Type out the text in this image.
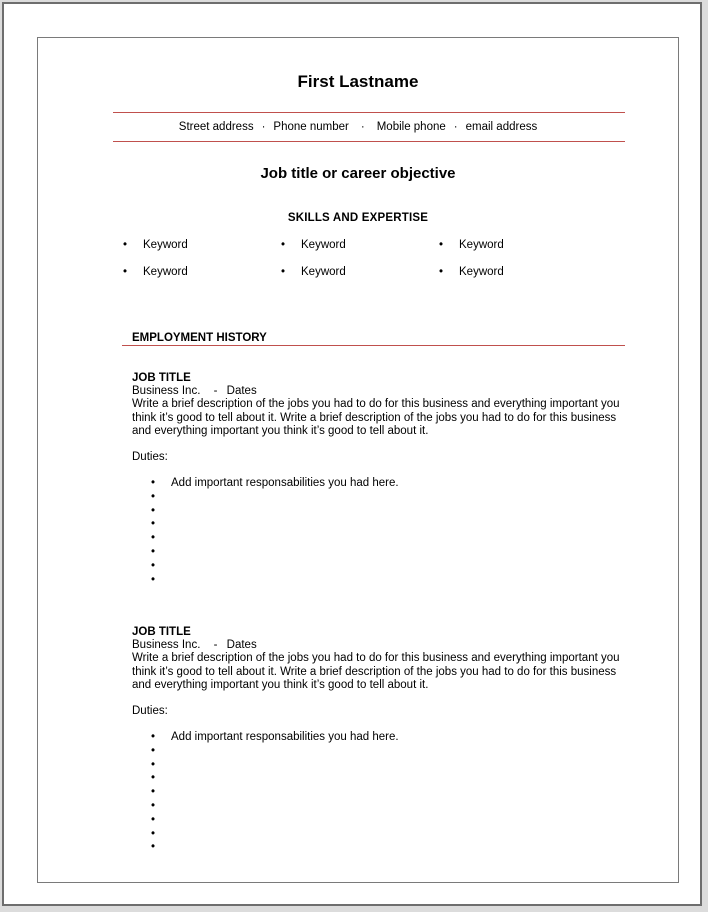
First Lastname
Street address · Phone number · Mobile phone · email address
Job title or career objective
SKILLS AND EXPERTISE
• Keyword	• Keyword	• Keyword
• Keyword	• Keyword	• Keyword
EMPLOYMENT HISTORY
JOB TITLE
Business Inc. - Dates
Write a brief description of the jobs you had to do for this business and everything important you think it’s good to tell about it. Write a brief description of the jobs you had to do for this business and everything important you think it’s good to tell about it.
Duties:
• Add important responsabilities you had here.
•
•
•
•
•
•
•
JOB TITLE
Business Inc. - Dates
Write a brief description of the jobs you had to do for this business and everything important you think it’s good to tell about it. Write a brief description of the jobs you had to do for this business and everything important you think it’s good to tell about it.
Duties:
• Add important responsabilities you had here.
•
•
•
•
•
•
•
•
